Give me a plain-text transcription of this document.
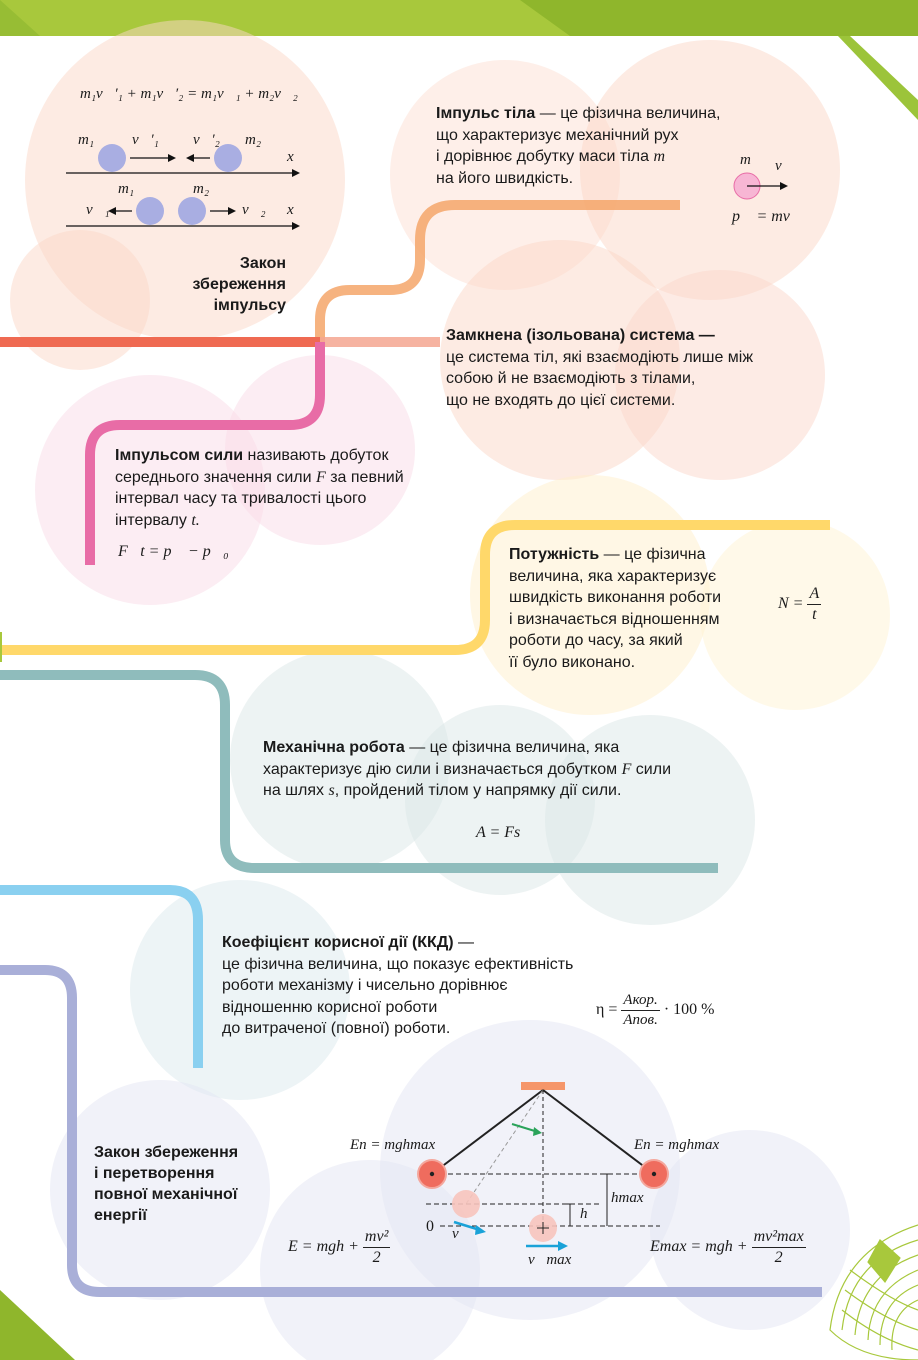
m₁v⃗′₁ + m₁v⃗′₂ = m₁v⃗₁ + m₂v⃗₂
m₁	v⃗′₁ v⃗′₂ m₂
x
m₁	m₂
v⃗₁	v⃗₂ x
Закон
збереження
імпульсу
Імпульс тіла — це фізична величина,
що характеризує механічний рух
і дорівнює добутку маси тіла m
на його швидкість.
m v⃗
p⃗ = mv⃗
Замкнена (ізольована) система —
це система тіл, які взаємодіють лише між
собою й не взаємодіють з тілами,
що не входять до цієї системи.
Імпульсом сили називають добуток
середнього значення сили F за певний
інтервал часу та тривалості цього
інтервалу t.
F⃗t = p⃗ − p⃗₀	Потужність — це фізична
величина, яка характеризує
швидкість виконання роботи
і визначається відношенням
роботи до часу, за який
її було виконано.
$N = \frac{A}{t}$
Механічна робота — це фізична величина, яка
характеризує дію сили і визначається добутком F сили
на шлях s, пройдений тілом у напрямку дії сили.
A = Fs
Коефіцієнт корисної дії (ККД) —
це фізична величина, що показує ефективність
роботи механізму і чисельно дорівнює
відношенню корисної роботи
до витраченої (повної) роботи.
$\eta = \frac{\text{Aкор.}}{\text{Aпов.}} \cdot 100$ %
Закон збереження
і перетворення
повної механічної
енергії
Eп = mghmax	Eп = mghmax
hmax
h
0 v
v⃗max
E = mgh + $\frac{\text{mv²}}{2}$	Emax = mgh + $\frac{\text{mv²max}}{2}$
